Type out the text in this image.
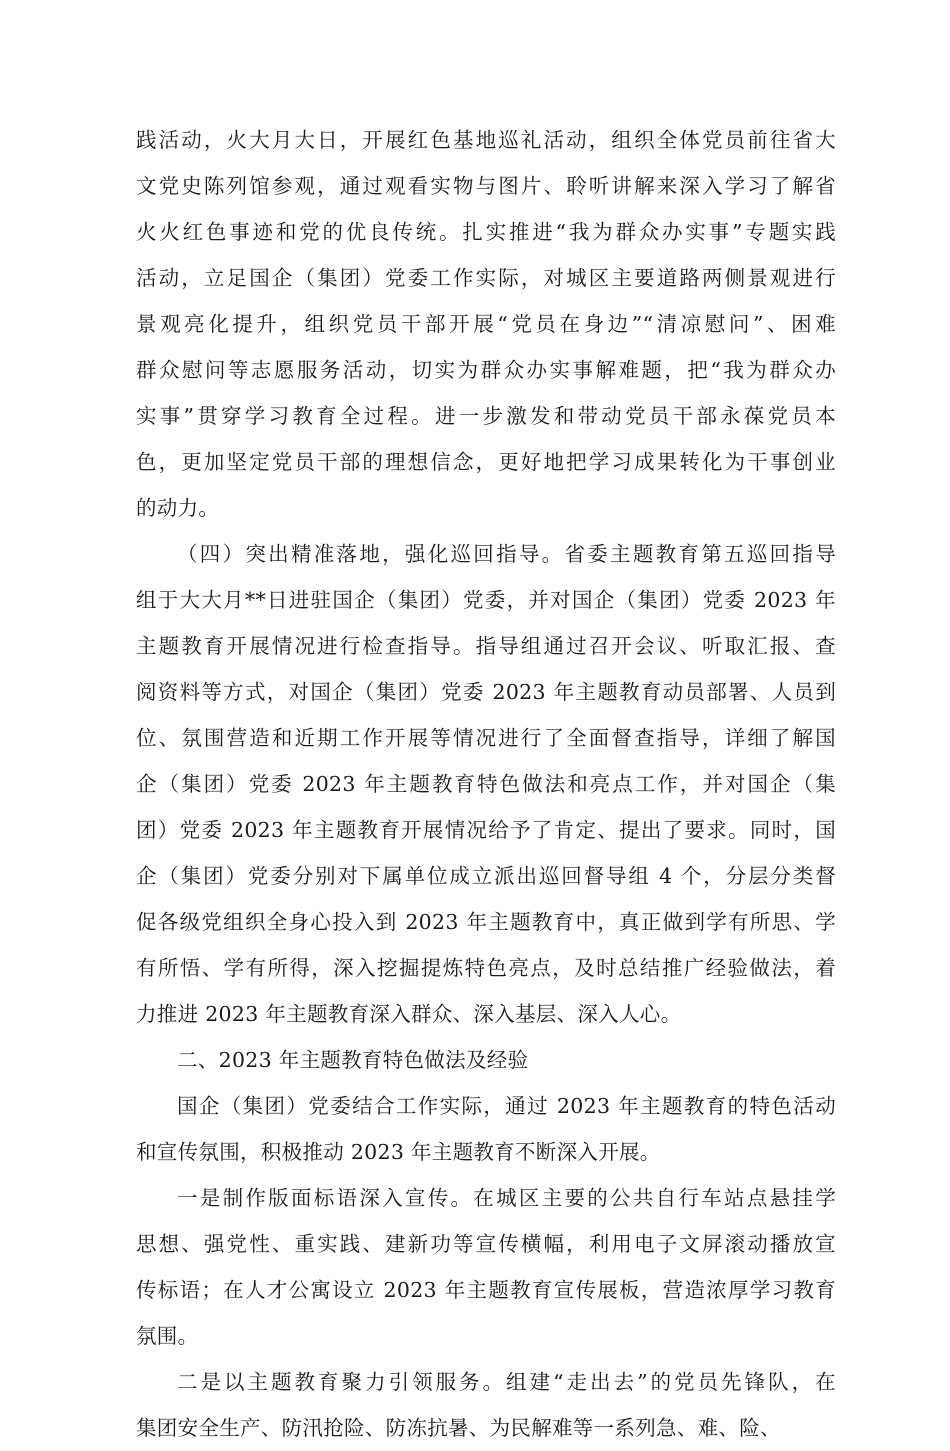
践活动，火大月大日，开展红色基地巡礼活动，组织全体党员前往省大
文党史陈列馆参观，通过观看实物与图片、聆听讲解来深入学习了解省
火火红色事迹和党的优良传统。扎实推进“我为群众办实事”专题实践
活动，立足国企（集团）党委工作实际，对城区主要道路两侧景观进行
景观亮化提升，组织党员干部开展“党员在身边”“清凉慰问”、困难
群众慰问等志愿服务活动，切实为群众办实事解难题，把“我为群众办
实事”贯穿学习教育全过程。进一步激发和带动党员干部永葆党员本
色，更加坚定党员干部的理想信念，更好地把学习成果转化为干事创业
的动力。
（四）突出精准落地，强化巡回指导。省委主题教育第五巡回指导
组于大大月**日进驻国企（集团）党委，并对国企（集团）党委 2023 年
主题教育开展情况进行检查指导。指导组通过召开会议、听取汇报、查
阅资料等方式，对国企（集团）党委 2023 年主题教育动员部署、人员到
位、氛围营造和近期工作开展等情况进行了全面督查指导，详细了解国
企（集团）党委 2023 年主题教育特色做法和亮点工作，并对国企（集
团）党委 2023 年主题教育开展情况给予了肯定、提出了要求。同时，国
企（集团）党委分别对下属单位成立派出巡回督导组 4 个，分层分类督
促各级党组织全身心投入到 2023 年主题教育中，真正做到学有所思、学
有所悟、学有所得，深入挖掘提炼特色亮点，及时总结推广经验做法，着
力推进 2023 年主题教育深入群众、深入基层、深入人心。
二、2023 年主题教育特色做法及经验
国企（集团）党委结合工作实际，通过 2023 年主题教育的特色活动
和宣传氛围，积极推动 2023 年主题教育不断深入开展。
一是制作版面标语深入宣传。在城区主要的公共自行车站点悬挂学
思想、强党性、重实践、建新功等宣传横幅，利用电子文屏滚动播放宣
传标语；在人才公寓设立 2023 年主题教育宣传展板，营造浓厚学习教育
氛围。
二是以主题教育聚力引领服务。组建“走出去”的党员先锋队，在
集团安全生产、防汛抢险、防冻抗暑、为民解难等一系列急、难、险、
